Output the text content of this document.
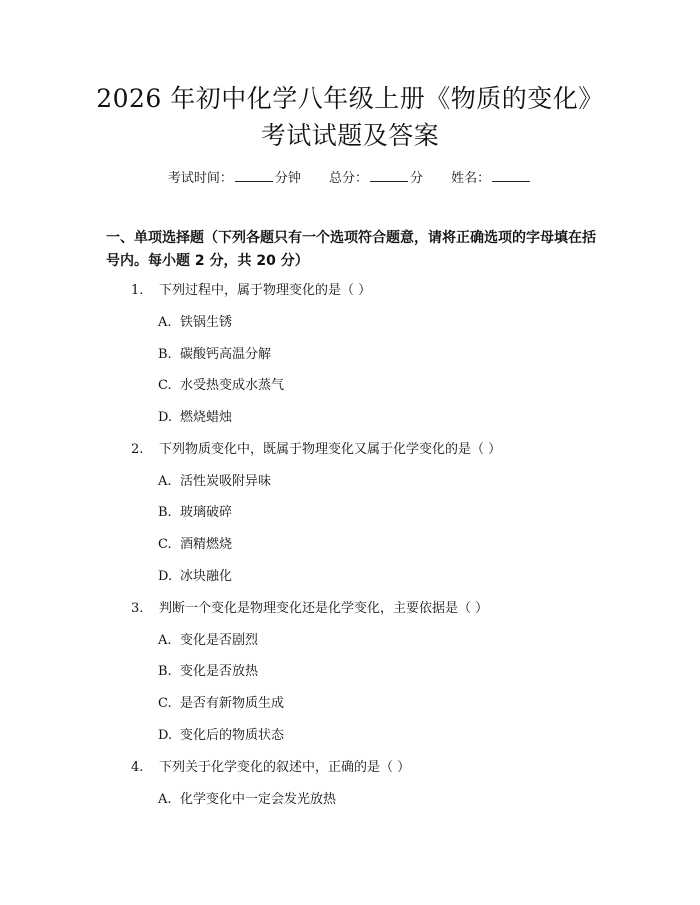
2026 年初中化学八年级上册《物质的变化》
考试试题及答案
考试时间：	分钟 总分：	分 姓名：
一、单项选择题（下列各题只有一个选项符合题意，请将正确选项的字母填在括号内。每小题 2 分，共 20 分）
1. 下列过程中，属于物理变化的是（ ）
A. 铁锅生锈
B. 碳酸钙高温分解
C. 水受热变成水蒸气
D. 燃烧蜡烛
2. 下列物质变化中，既属于物理变化又属于化学变化的是（ ）
A. 活性炭吸附异味
B. 玻璃破碎
C. 酒精燃烧
D. 冰块融化
3. 判断一个变化是物理变化还是化学变化，主要依据是（ ）
A. 变化是否剧烈
B. 变化是否放热
C. 是否有新物质生成
D. 变化后的物质状态
4. 下列关于化学变化的叙述中，正确的是（ ）
A. 化学变化中一定会发光放热
